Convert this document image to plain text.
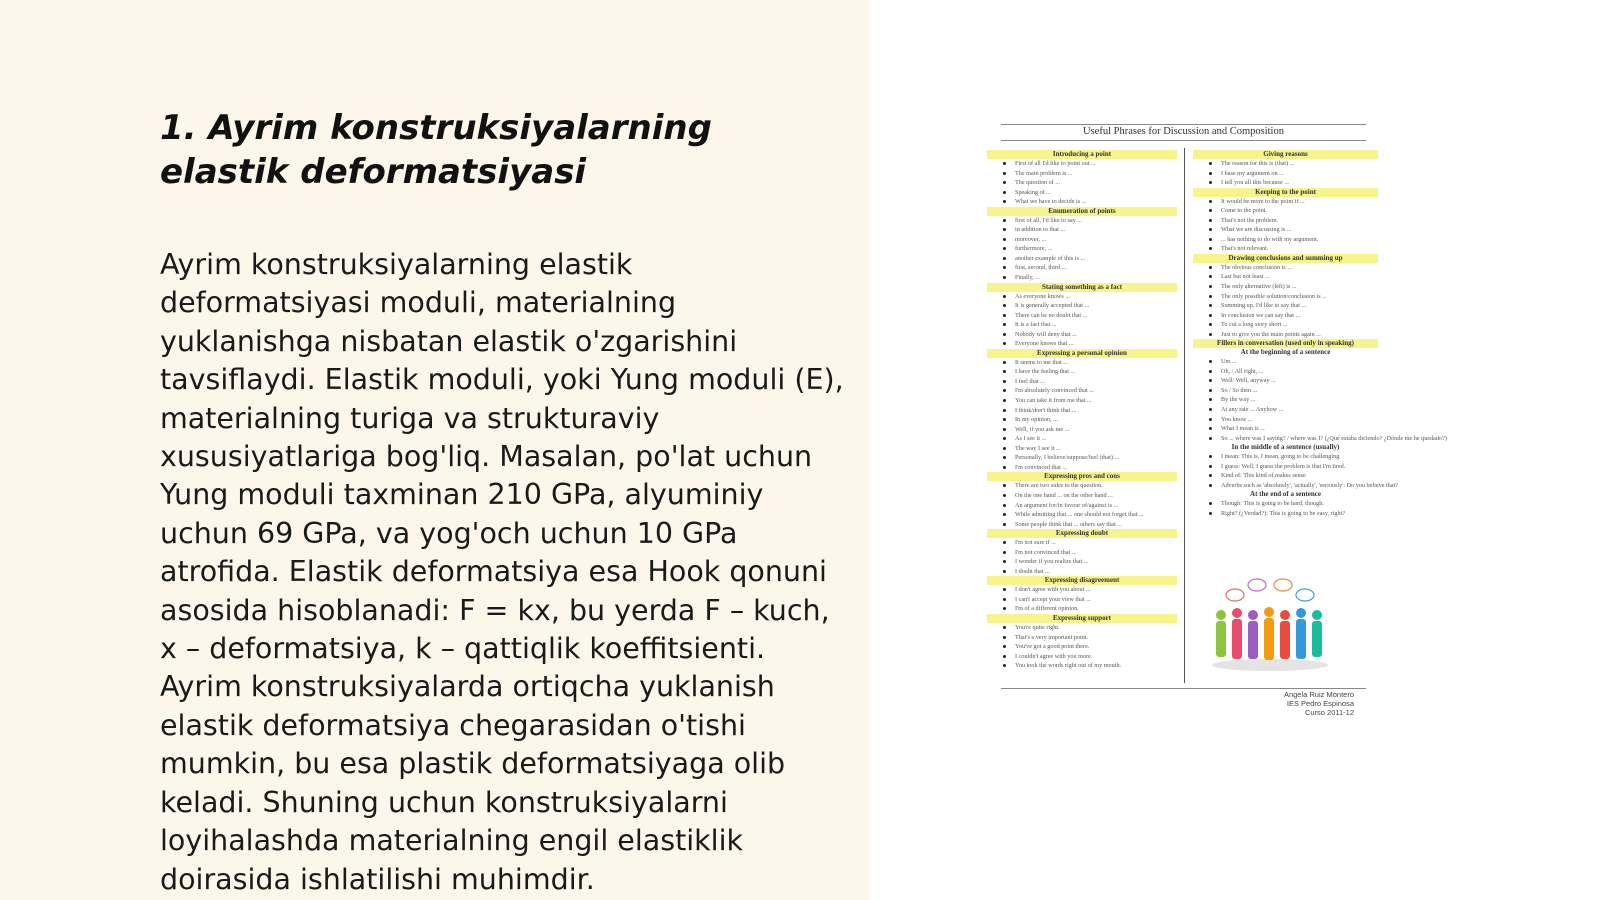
1. Ayrim konstruksiyalarning elastik deformatsiyasi

Ayrim konstruksiyalarning elastik deformatsiyasi moduli, materialning yuklanishga nisbatan elastik o'zgarishini tavsiflaydi. Elastik moduli, yoki Yung moduli (E), materialning turiga va strukturaviy xususiyatlariga bog'liq. Masalan, po'lat uchun Yung moduli taxminan 210 GPa, alyuminiy uchun 69 GPa, va yog'och uchun 10 GPa atrofida. Elastik deformatsiya esa Hook qonuni asosida hisoblanadi: F = kx, bu yerda F – kuch, x – deformatsiya, k – qattiqlik koeffitsienti. Ayrim konstruksiyalarda ortiqcha yuklanish elastik deformatsiya chegarasidan o'tishi mumkin, bu esa plastik deformatsiyaga olib keladi. Shuning uchun konstruksiyalarni loyihalashda materialning engil elastiklik doirasida ishlatilishi muhimdir.

Useful Phrases for Discussion and Composition
Introducing a point
First of all I'd like to point out ...
The main problem is ...
The question of ...
Speaking of ...
What we have to decide is ...
Enumeration of points
first of all, I'd like to say ...
in addition to that ...
moreover, ...
furthermore, ...
another example of this is ...
first, second, third ...
Finally, ...
Stating something as a fact
As everyone knows ...
It is generally accepted that ...
There can be no doubt that ...
It is a fact that ...
Nobody will deny that ...
Everyone knows that ...
Expressing a personal opinion
It seems to me that ...
I have the feeling that ...
I feel that ...
I'm absolutely convinced that ...
You can take it from me that ...
I think/don't think that ...
In my opinion, ...
Well, if you ask me ...
As I see it ...
The way I see it ...
Personally, I believe/suppose/feel (that) ...
I'm convinced that ...
Expressing pros and cons
There are two sides to the question.
On the one hand ... on the other hand ...
An argument for/in favour of/against is ...
While admitting that ... one should not forget that ...
Some people think that ... others say that ...
Expressing doubt
I'm not sure if ...
I'm not convinced that ...
I wonder if you realize that ...
I doubt that ...
Expressing disagreement
I don't agree with you about ...
I can't accept your view that ...
I'm of a different opinion.
Expressing support
You're quite right.
That's a very important point.
You've got a good point there.
I couldn't agree with you more.
You took the words right out of my mouth.
Giving reasons
The reason for this is (that) ...
I base my argument on ...
I tell you all this because ...
Keeping to the point
It would be more to the point if ...
Come to the point.
That's not the problem.
What we are discussing is ...
... has nothing to do with my argument.
That's not relevant.
Drawing conclusions and summing up
The obvious conclusion is ...
Last but not least ...
The only alternative (left) is ...
The only possible solution/conclusion is ...
Summing up, I'd like to say that ...
In conclusion we can say that ...
To cut a long story short ...
Just to give you the main points again ...
Fillers in conversation (used only in speaking)
At the beginning of a sentence
Um ...
Oh, / All right, ...
Well/ Well, anyway ...
So / So then ...
By the way ...
At any rate ... Anyhow ...
You know ...
What I mean is ...
So ... where was I saying? / where was I? (¿Qué estaba diciendo? ¿Dónde me he quedado?)
In the middle of a sentence (usually)
I mean: This is, I mean, going to be challenging
I guess: Well, I guess the problem is that I'm tired.
Kind of: This kind of makes sense
Adverbs such as 'absolutely', 'actually', 'seriously': Do you believe that?
At the end of a sentence
Though: This is going to be hard, though.
Right? (¿Verdad?): This is going to be easy, right?
Angela Ruiz Montero
IES Pedro Espinosa
Curso 2011-12
